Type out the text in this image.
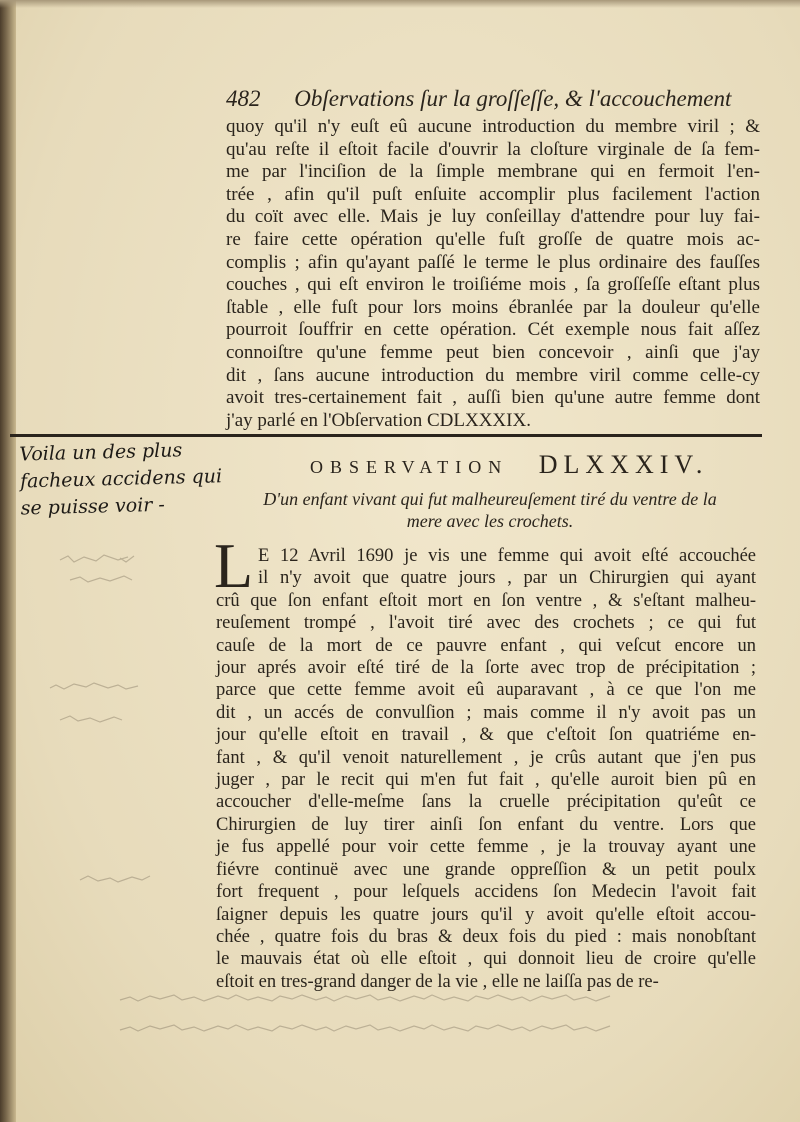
482 Obſervations ſur la groſſeſſe, & l'accouchement
quoy qu'il n'y euſt eû aucune introduction du membre viril ; &
qu'au reſte il eſtoit facile d'ouvrir la cloſture virginale de ſa fem-
me par l'inciſion de la ſimple membrane qui en fermoit l'en-
trée , afin qu'il puſt enſuite accomplir plus facilement l'action
du coït avec elle. Mais je luy conſeillay d'attendre pour luy fai-
re faire cette opération qu'elle fuſt groſſe de quatre mois ac-
complis ; afin qu'ayant paſſé le terme le plus ordinaire des fauſſes
couches , qui eſt environ le troiſiéme mois , ſa groſſeſſe eſtant plus
ſtable , elle fuſt pour lors moins ébranlée par la douleur qu'elle
pourroit ſouffrir en cette opération. Cét exemple nous fait aſſez
connoiſtre qu'une femme peut bien concevoir , ainſi que j'ay
dit , ſans aucune introduction du membre viril comme celle-cy
avoit tres-certainement fait , auſſi bien qu'une autre femme dont
j'ay parlé en l'Obſervation CDLXXXIX.
Voila un des plus
facheux accidens qui
se puisse voir -
OBSERVATION DLXXXIV.
D'un enfant vivant qui fut malheureuſement tiré du ventre de la
mere avec les crochets.
L E 12 Avril 1690 je vis une femme qui avoit eſté accouchée
il n'y avoit que quatre jours , par un Chirurgien qui ayant
crû que ſon enfant eſtoit mort en ſon ventre , & s'eſtant malheu-
reuſement trompé , l'avoit tiré avec des crochets ; ce qui fut
cauſe de la mort de ce pauvre enfant , qui veſcut encore un
jour aprés avoir eſté tiré de la ſorte avec trop de précipitation ;
parce que cette femme avoit eû auparavant , à ce que l'on me
dit , un accés de convulſion ; mais comme il n'y avoit pas un
jour qu'elle eſtoit en travail , & que c'eſtoit ſon quatriéme en-
fant , & qu'il venoit naturellement , je crûs autant que j'en pus
juger , par le recit qui m'en fut fait , qu'elle auroit bien pû en
accoucher d'elle-meſme ſans la cruelle précipitation qu'eût ce
Chirurgien de luy tirer ainſi ſon enfant du ventre. Lors que
je fus appellé pour voir cette femme , je la trouvay ayant une
fiévre continuë avec une grande oppreſſion & un petit poulx
fort frequent , pour leſquels accidens ſon Medecin l'avoit fait
ſaigner depuis les quatre jours qu'il y avoit qu'elle eſtoit accou-
chée , quatre fois du bras & deux fois du pied : mais nonobſtant
le mauvais état où elle eſtoit , qui donnoit lieu de croire qu'elle
eſtoit en tres-grand danger de la vie , elle ne laiſſa pas de re-
